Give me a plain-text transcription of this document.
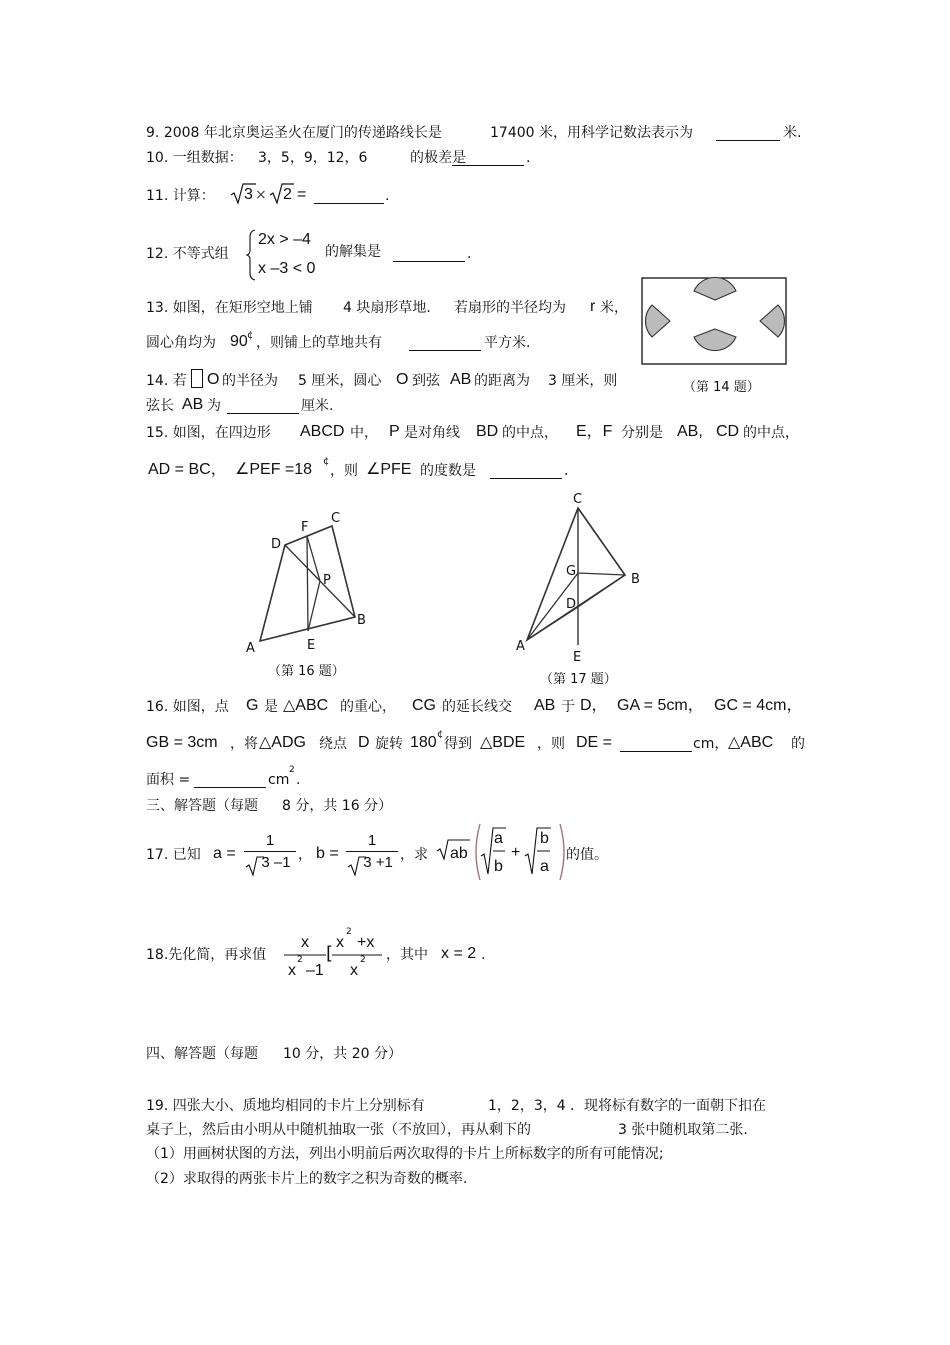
9. 2008 年北京奥运圣火在厦门的传递路线长是	17400 米，用科学记数法表示为	米.
10. 一组数据： 3，5，9，12，6	的极差是	.
11. 计算： 3 × 2 =	.
12. 不等式组
2x > –4
x –3 < 0
的解集是	.
13. 如图，在矩形空地上铺 4 块扇形草地. 若扇形的半径均为 r 米，
圆心角均为 90 ¢ ，则铺上的草地共有	平方米.
（第 14 题）
14. 若 O 的半径为 5 厘米，圆心 O 到弦 AB 的距离为 3 厘米，则
弦长 AB 为	厘米.
15. 如图，在四边形 ABCD 中， P 是对角线 BD 的中点， E，F 分别是 AB, CD 的中点，
AD = BC， ∠PEF =18 ¢
，则 ∠PFE 的度数是	.
A
B
C
D
E
F
P
（第 16 题）
A
B
C
D
E
G
（第 17 题）
16. 如图，点 G 是 △ABC 的重心， CG 的延长线交 AB 于 D， GA = 5cm， GC = 4cm，
GB = 3cm ，将 △ADG 绕点 D 旋转 180 ¢
得到 △BDE ，则 DE =	cm， △ABC 的
面积 =	cm
2
.
三、解答题（每题 8 分，共 16 分）
17. 已知 a =
1
3 –1 ， b =
1
3 +1 ，求 ab
a
b
+
b
a
的值。
18.先化简，再求值
x
x
2
–1
[
x
2
+x
x
2 ，其中 x = 2 .
四、解答题（每题 10 分，共 20 分）
19. 四张大小、质地均相同的卡片上分别标有	1，2，3，4 ．现将标有数字的一面朝下扣在
桌子上，然后由小明从中随机抽取一张（不放回），再从剩下的	3 张中随机取第二张.
（1）用画树状图的方法，列出小明前后两次取得的卡片上所标数字的所有可能情况;
（2）求取得的两张卡片上的数字之积为奇数的概率.
